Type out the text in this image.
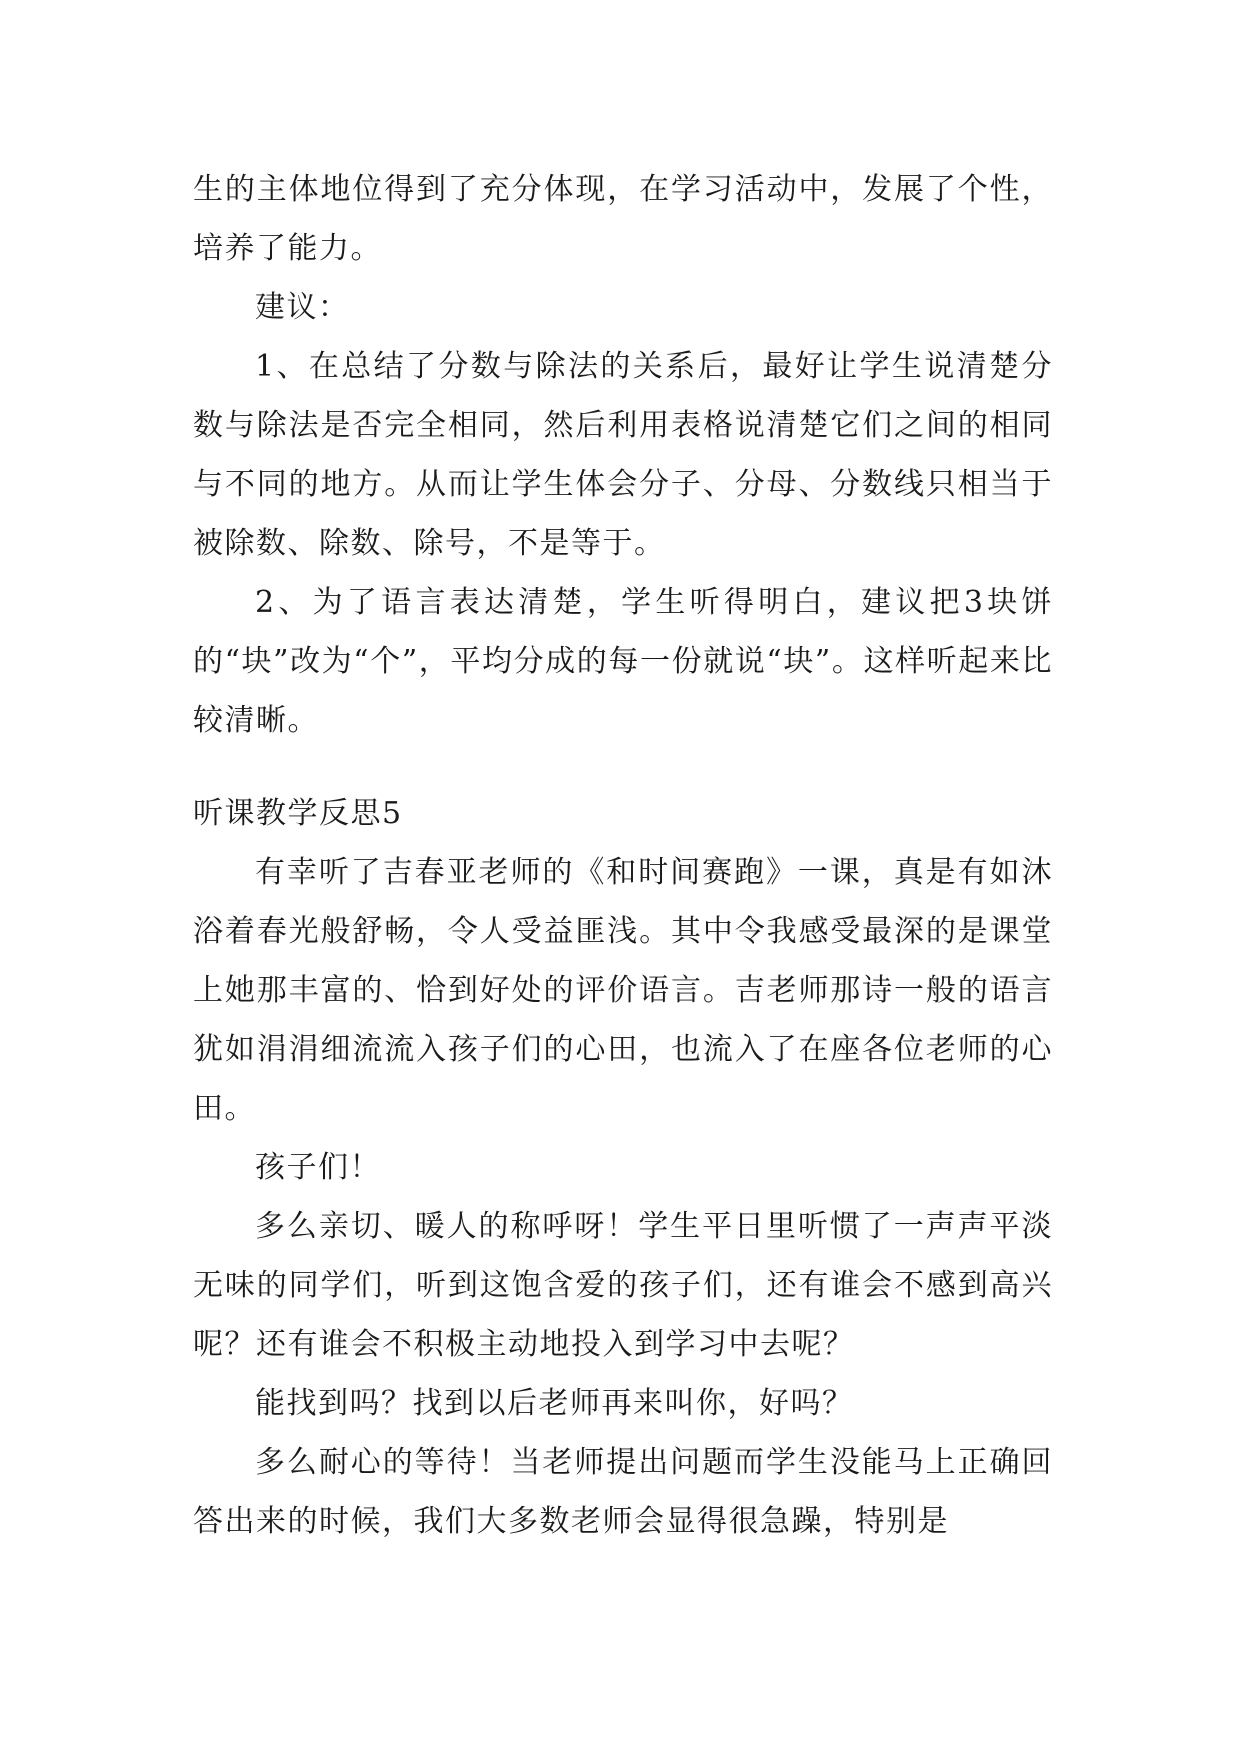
生的主体地位得到了充分体现，在学习活动中，发展了个性，培养了能力。

建议：

1、在总结了分数与除法的关系后，最好让学生说清楚分数与除法是否完全相同，然后利用表格说清楚它们之间的相同与不同的地方。从而让学生体会分子、分母、分数线只相当于被除数、除数、除号，不是等于。

2、为了语言表达清楚，学生听得明白，建议把3块饼的“块”改为“个”，平均分成的每一份就说“块”。这样听起来比较清晰。

听课教学反思5

有幸听了吉春亚老师的《和时间赛跑》一课，真是有如沐浴着春光般舒畅，令人受益匪浅。其中令我感受最深的是课堂上她那丰富的、恰到好处的评价语言。吉老师那诗一般的语言犹如涓涓细流流入孩子们的心田，也流入了在座各位老师的心田。

孩子们！

多么亲切、暖人的称呼呀！学生平日里听惯了一声声平淡无味的同学们，听到这饱含爱的孩子们，还有谁会不感到高兴呢？还有谁会不积极主动地投入到学习中去呢？

能找到吗？找到以后老师再来叫你，好吗？

多么耐心的等待！当老师提出问题而学生没能马上正确回答出来的时候，我们大多数老师会显得很急躁，特别是
